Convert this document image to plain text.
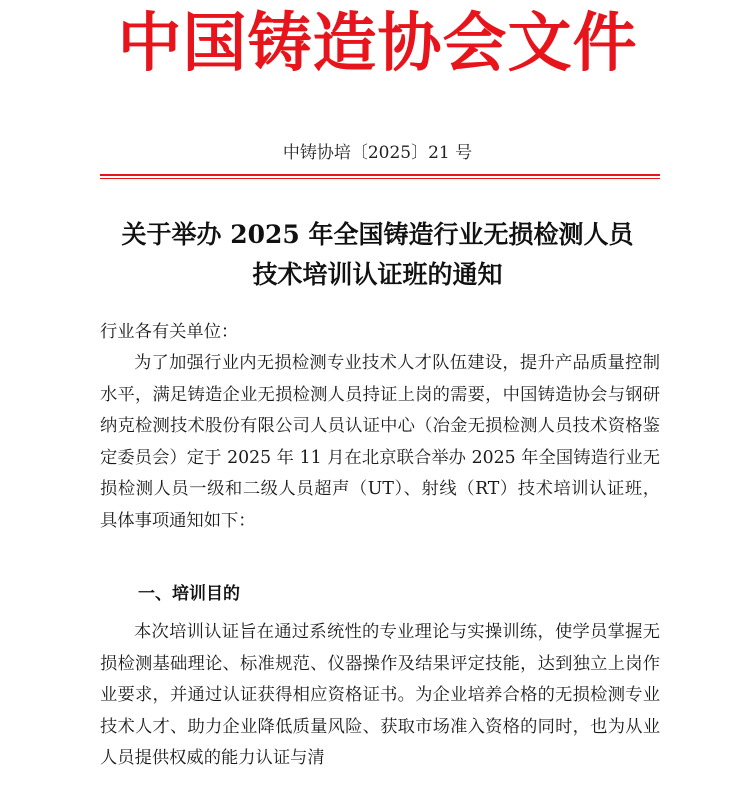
中国铸造协会文件
中铸协培〔2025〕21 号
关于举办 2025 年全国铸造行业无损检测人员
技术培训认证班的通知
行业各有关单位：
为了加强行业内无损检测专业技术人才队伍建设，提升产品质量控制水平，满足铸造企业无损检测人员持证上岗的需要，中国铸造协会与钢研纳克检测技术股份有限公司人员认证中心（冶金无损检测人员技术资格鉴定委员会）定于 2025 年 11 月在北京联合举办 2025 年全国铸造行业无损检测人员一级和二级人员超声（UT）、射线（RT）技术培训认证班，具体事项通知如下：
一、培训目的
本次培训认证旨在通过系统性的专业理论与实操训练，使学员掌握无损检测基础理论、标准规范、仪器操作及结果评定技能，达到独立上岗作业要求，并通过认证获得相应资格证书。为企业培养合格的无损检测专业技术人才、助力企业降低质量风险、获取市场准入资格的同时，也为从业人员提供权威的能力认证与清
